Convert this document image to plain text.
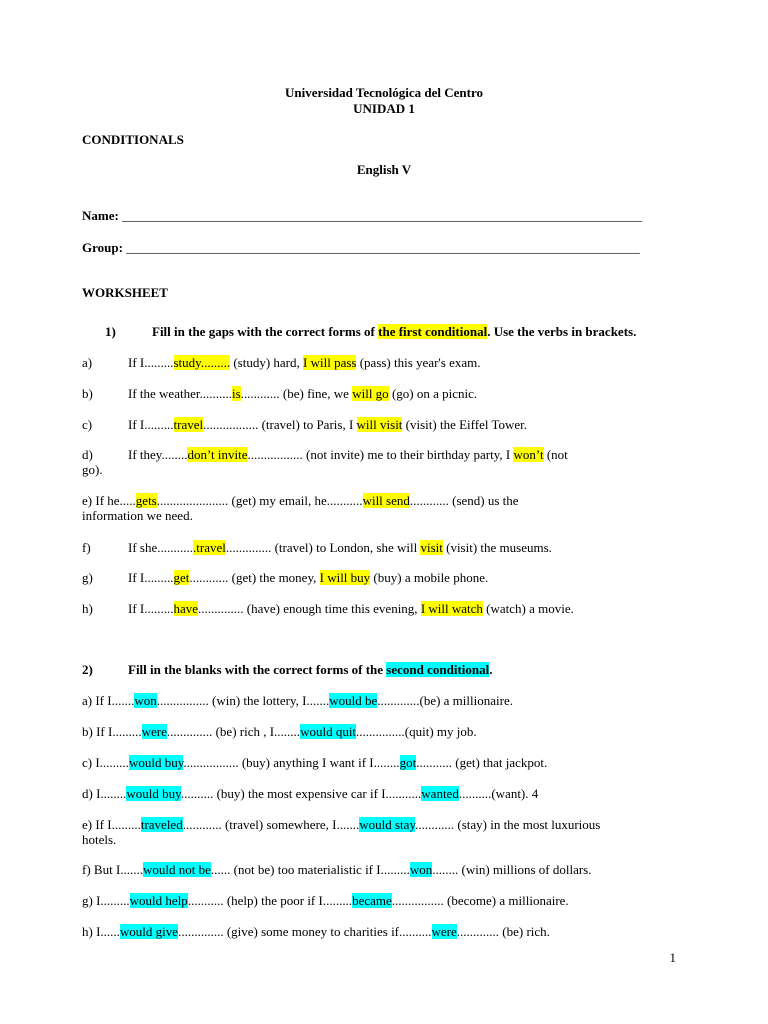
Universidad Tecnológica del Centro
UNIDAD 1
CONDITIONALS
English V
Name: ________________________________________________________________________________
Group: _______________________________________________________________________________
WORKSHEET
1)	Fill in the gaps with the correct forms of the first conditional. Use the verbs in brackets.
a)	If I.........study......... (study) hard, I will pass (pass) this year's exam.
b)	If the weather..........is............ (be) fine, we will go (go) on a picnic.
c)	If I.........travel................. (travel) to Paris, I will visit (visit) the Eiffel Tower.
d)	If they........don’t invite................. (not invite) me to their birthday party, I won’t (not
go).
e) If he.....gets...................... (get) my email, he...........will send............ (send) us the
information we need.
f)	If she............travel.............. (travel) to London, she will visit (visit) the museums.
g)	If I.........get............ (get) the money, I will buy (buy) a mobile phone.
h)	If I.........have.............. (have) enough time this evening, I will watch (watch) a movie.
2)	Fill in the blanks with the correct forms of the second conditional.
a) If I.......won................ (win) the lottery, I.......would be.............(be) a millionaire.
b) If I.........were.............. (be) rich , I........would quit...............(quit) my job.
c) I.........would buy................. (buy) anything I want if I........got........... (get) that jackpot.
d) I........would buy.......... (buy) the most expensive car if I...........wanted..........(want). 4
e) If I.........traveled............ (travel) somewhere, I.......would stay............ (stay) in the most luxurious
hotels.
f) But I.......would not be...... (not be) too materialistic if I.........won........ (win) millions of dollars.
g) I.........would help........... (help) the poor if I.........became................ (become) a millionaire.
h) I......would give.............. (give) some money to charities if..........were............. (be) rich.
1
